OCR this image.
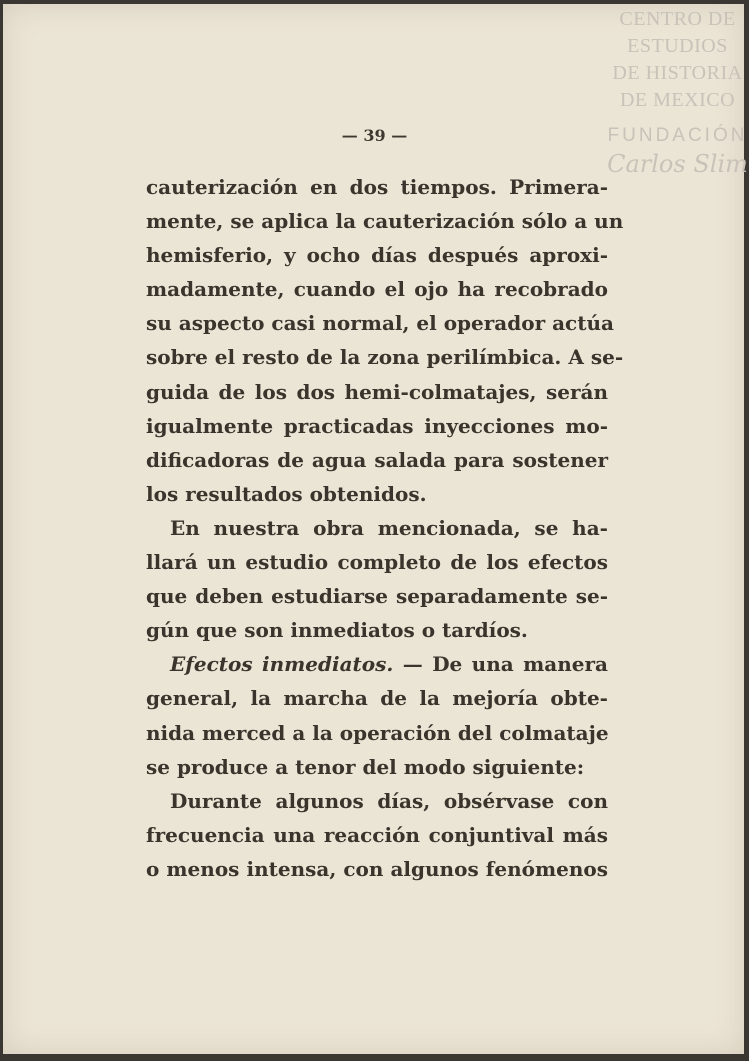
CENTRO DE
ESTUDIOS
DE HISTORIA
DE MEXICO
FUNDACIÓN
Carlos Slim
— 39 —
cauterización en dos tiempos. Primera-
mente, se aplica la cauterización sólo a un
hemisferio, y ocho días después aproxi-
madamente, cuando el ojo ha recobrado
su aspecto casi normal, el operador actúa
sobre el resto de la zona perilímbica. A se-
guida de los dos hemi-colmatajes, serán
igualmente practicadas inyecciones mo-
dificadoras de agua salada para sostener
los resultados obtenidos.
En nuestra obra mencionada, se ha-
llará un estudio completo de los efectos
que deben estudiarse separadamente se-
gún que son inmediatos o tardíos.
Efectos inmediatos. — De una manera
general, la marcha de la mejoría obte-
nida merced a la operación del colmataje
se produce a tenor del modo siguiente:
Durante algunos días, obsérvase con
frecuencia una reacción conjuntival más
o menos intensa, con algunos fenómenos
